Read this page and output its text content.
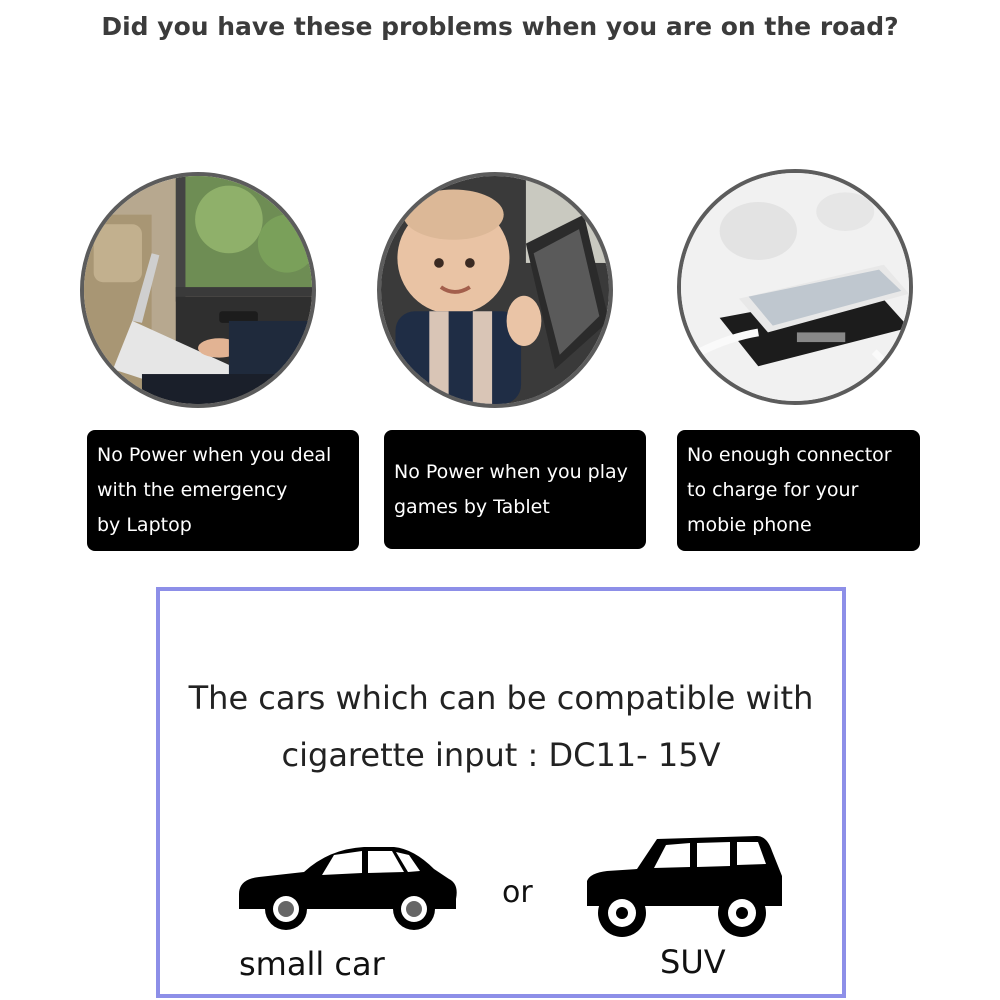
Did you have these problems when you are on the road?
No Power when you deal
with the emergency
by Laptop
No Power when you play
games by Tablet
No enough connector
to charge for your
mobie phone
The cars which can be compatible with
cigarette input : DC11- 15V
or
small car	SUV
